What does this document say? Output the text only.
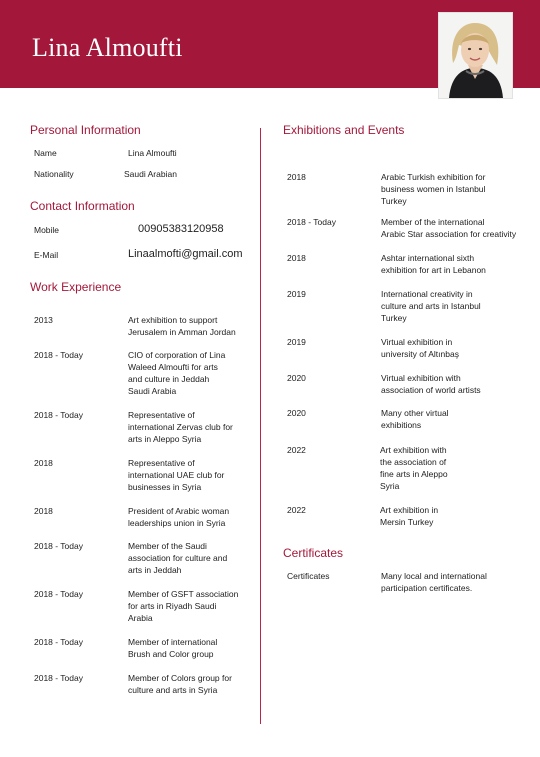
Lina Almoufti
Personal Information
Name	Lina Almoufti
Nationality	Saudi Arabian
Contact Information
Mobile	00905383120958
E-Mail	Linaalmofti@gmail.com
Work Experience
2013	Art exhibition to support
Jerusalem in Amman Jordan
2018 - Today	CIO of corporation of Lina
Waleed Almoufti for arts
and culture in Jeddah
Saudi Arabia
2018 - Today	Representative of
international Zervas club for
arts in Aleppo Syria
2018	Representative of
international UAE club for
businesses in Syria
2018	President of Arabic woman
leaderships union in Syria
2018 - Today	Member of the Saudi
association for culture and
arts in Jeddah
2018 - Today	Member of GSFT association
for arts in Riyadh Saudi
Arabia
2018 - Today	Member of international
Brush and Color group
2018 - Today	Member of Colors group for
culture and arts in Syria
Exhibitions and Events
2018	Arabic Turkish exhibition for
business women in Istanbul
Turkey
2018 - Today	Member of the international
Arabic Star association for creativity
2018	Ashtar international sixth
exhibition for art in Lebanon
2019	International creativity in
culture and arts in Istanbul
Turkey
2019	Virtual exhibition in
university of Altınbaş
2020	Virtual exhibition with
association of world artists
2020	Many other virtual
exhibitions
2022	Art exhibition with
the association of
fine arts in Aleppo
Syria
2022	Art exhibition in
Mersin Turkey
Certificates
Certificates	Many local and international
participation certificates.
